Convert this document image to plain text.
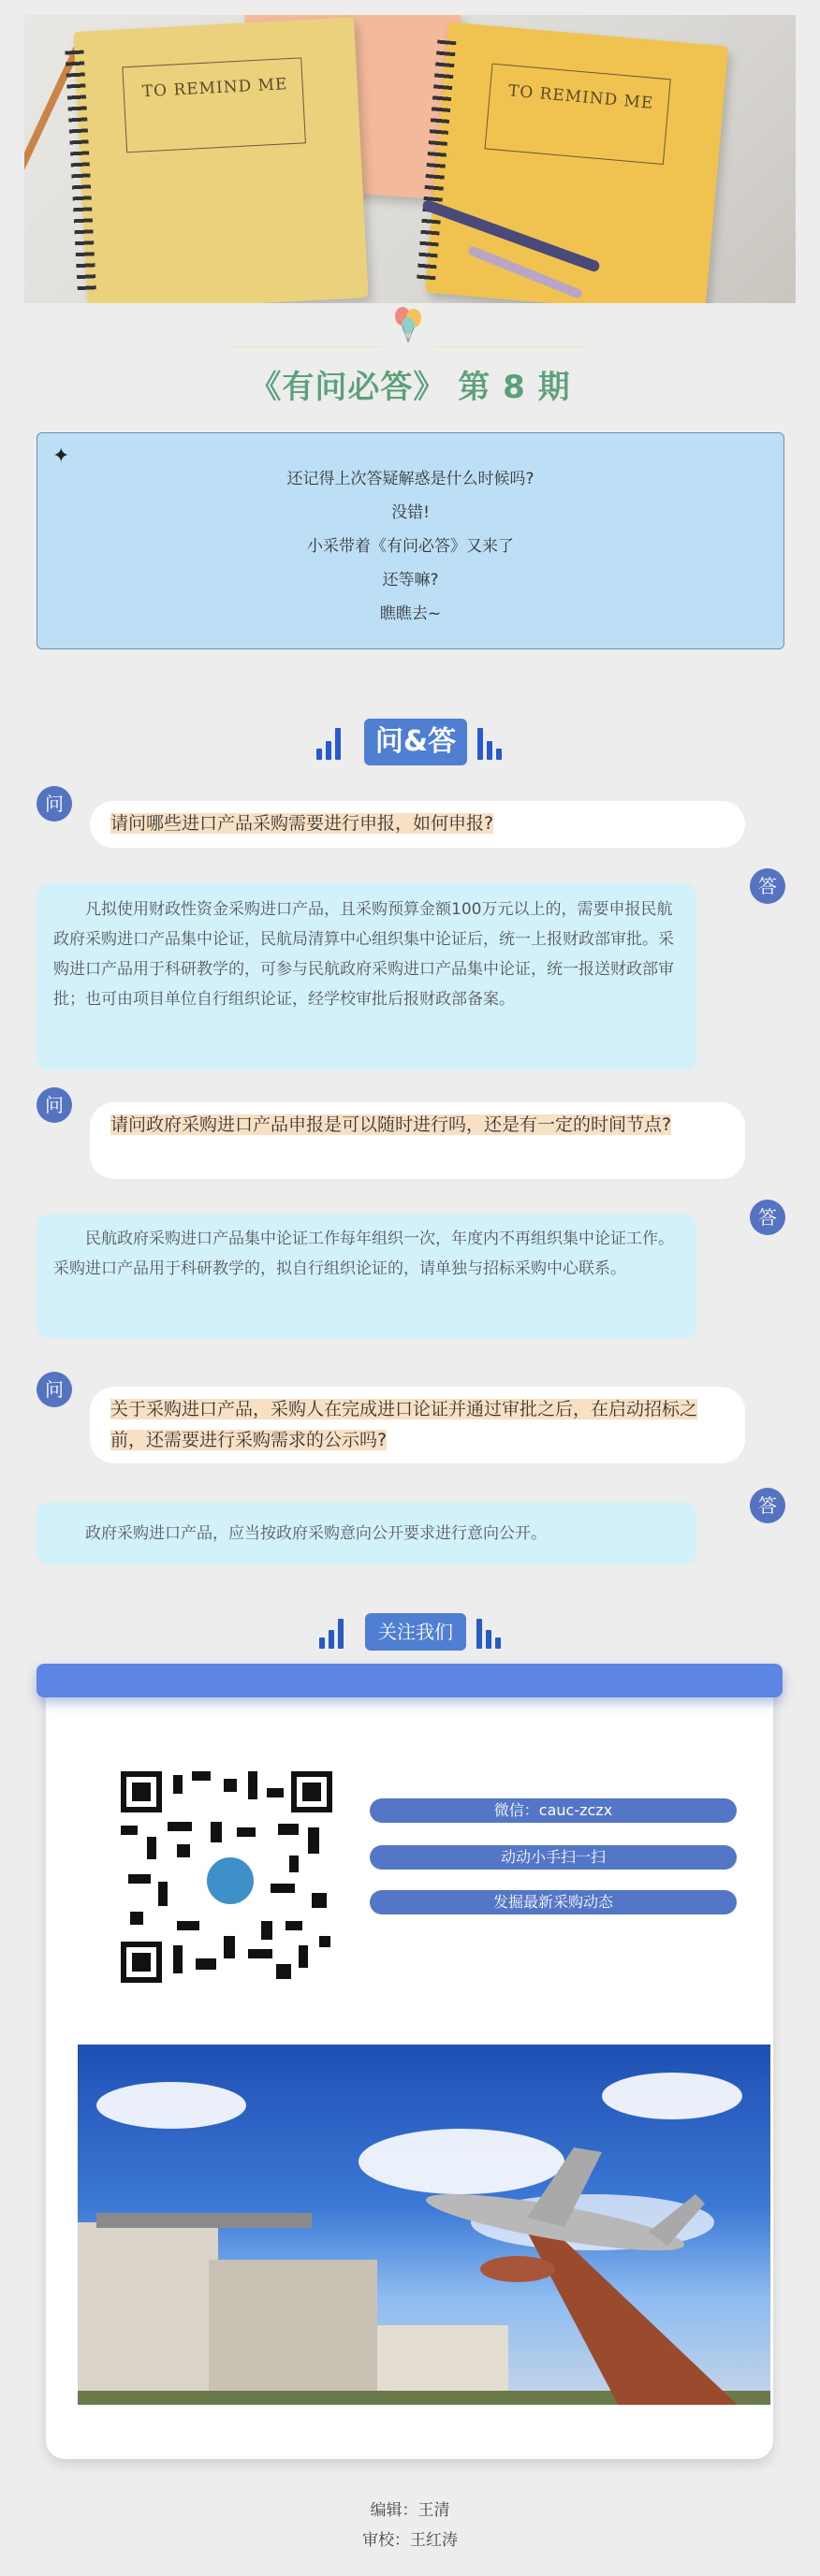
TO REMIND ME	TO REMIND ME
《有问必答》 第 8 期
✦
还记得上次答疑解惑是什么时候吗?
没错!
小采带着《有问必答》又来了
还等嘛?
瞧瞧去~
问&答
问
请问哪些进口产品采购需要进行申报，如何申报?
答
凡拟使用财政性资金采购进口产品，且采购预算金额100万元以上的，需要申报民航政府采购进口产品集中论证，民航局清算中心组织集中论证后，统一上报财政部审批。采购进口产品用于科研教学的，可参与民航政府采购进口产品集中论证，统一报送财政部审批；也可由项目单位自行组织论证，经学校审批后报财政部备案。
问
请问政府采购进口产品申报是可以随时进行吗，还是有一定的时间节点?
答
民航政府采购进口产品集中论证工作每年组织一次，年度内不再组织集中论证工作。采购进口产品用于科研教学的，拟自行组织论证的，请单独与招标采购中心联系。
问
关于采购进口产品，采购人在完成进口论证并通过审批之后，在启动招标之前，还需要进行采购需求的公示吗?
答
政府采购进口产品，应当按政府采购意向公开要求进行意向公开。
关注我们
微信：cauc-zczx
动动小手扫一扫
发掘最新采购动态
编辑：王清
审校：王红涛
